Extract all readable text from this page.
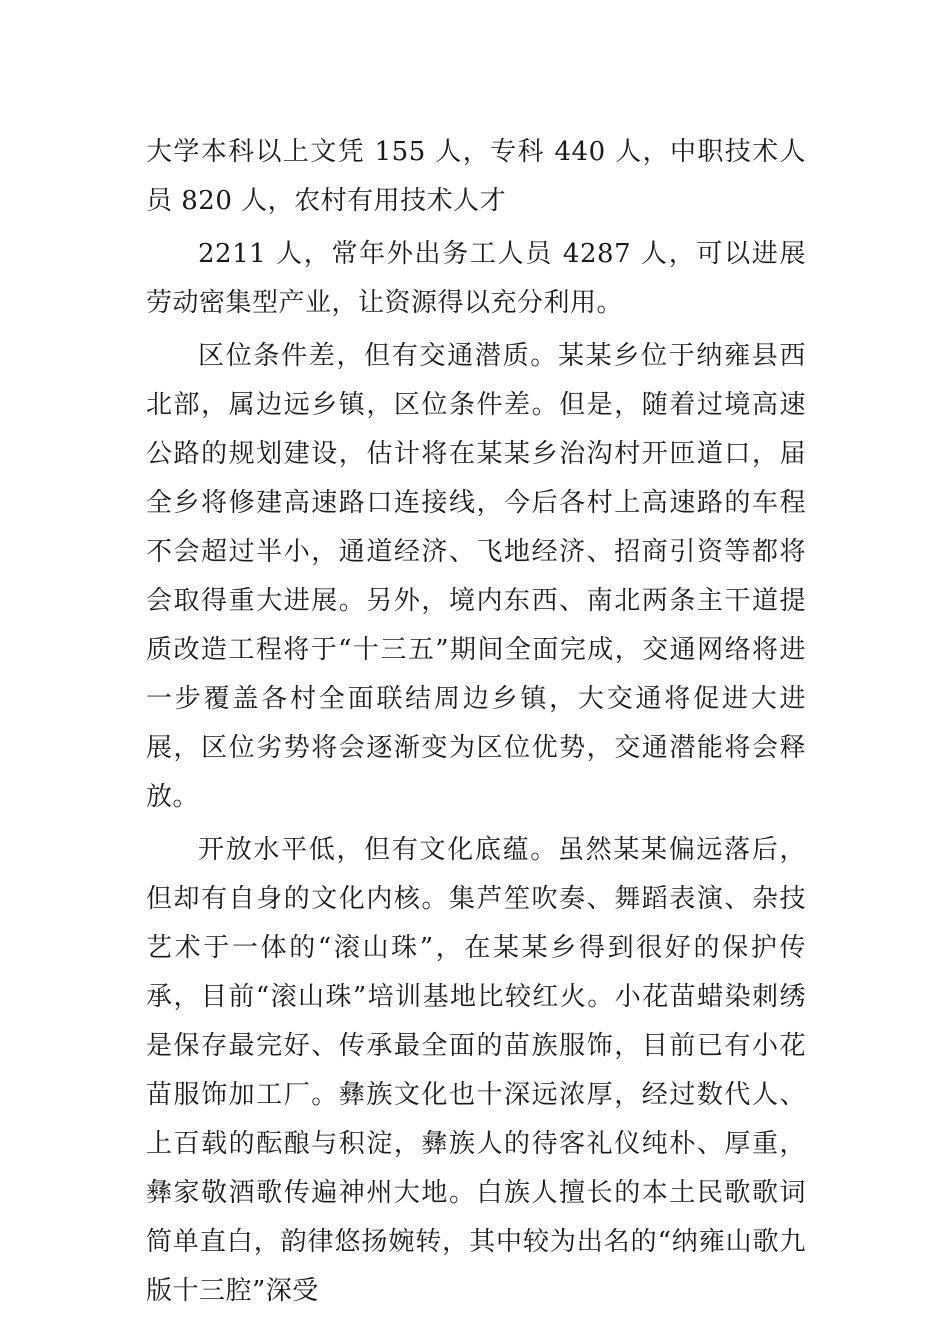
大学本科以上文凭 155 人，专科 440 人，中职技术人员 820 人，农村有用技术人才

2211 人，常年外出务工人员 4287 人，可以进展劳动密集型产业，让资源得以充分利用。

区位条件差，但有交通潜质。某某乡位于纳雍县西北部，属边远乡镇，区位条件差。但是，随着过境高速公路的规划建设，估计将在某某乡治沟村开匝道口，届全乡将修建高速路口连接线，今后各村上高速路的车程不会超过半小，通道经济、飞地经济、招商引资等都将会取得重大进展。另外，境内东西、南北两条主干道提质改造工程将于“十三五”期间全面完成，交通网络将进一步覆盖各村全面联结周边乡镇，大交通将促进大进展，区位劣势将会逐渐变为区位优势，交通潜能将会释放。

开放水平低，但有文化底蕴。虽然某某偏远落后，但却有自身的文化内核。集芦笙吹奏、舞蹈表演、杂技艺术于一体的“滚山珠”，在某某乡得到很好的保护传承，目前“滚山珠”培训基地比较红火。小花苗蜡染刺绣是保存最完好、传承最全面的苗族服饰，目前已有小花苗服饰加工厂。彝族文化也十深远浓厚，经过数代人、上百载的酝酿与积淀，彝族人的待客礼仪纯朴、厚重，彝家敬酒歌传遍神州大地。白族人擅长的本土民歌歌词简单直白，韵律悠扬婉转，其中较为出名的“纳雍山歌九版十三腔”深受
